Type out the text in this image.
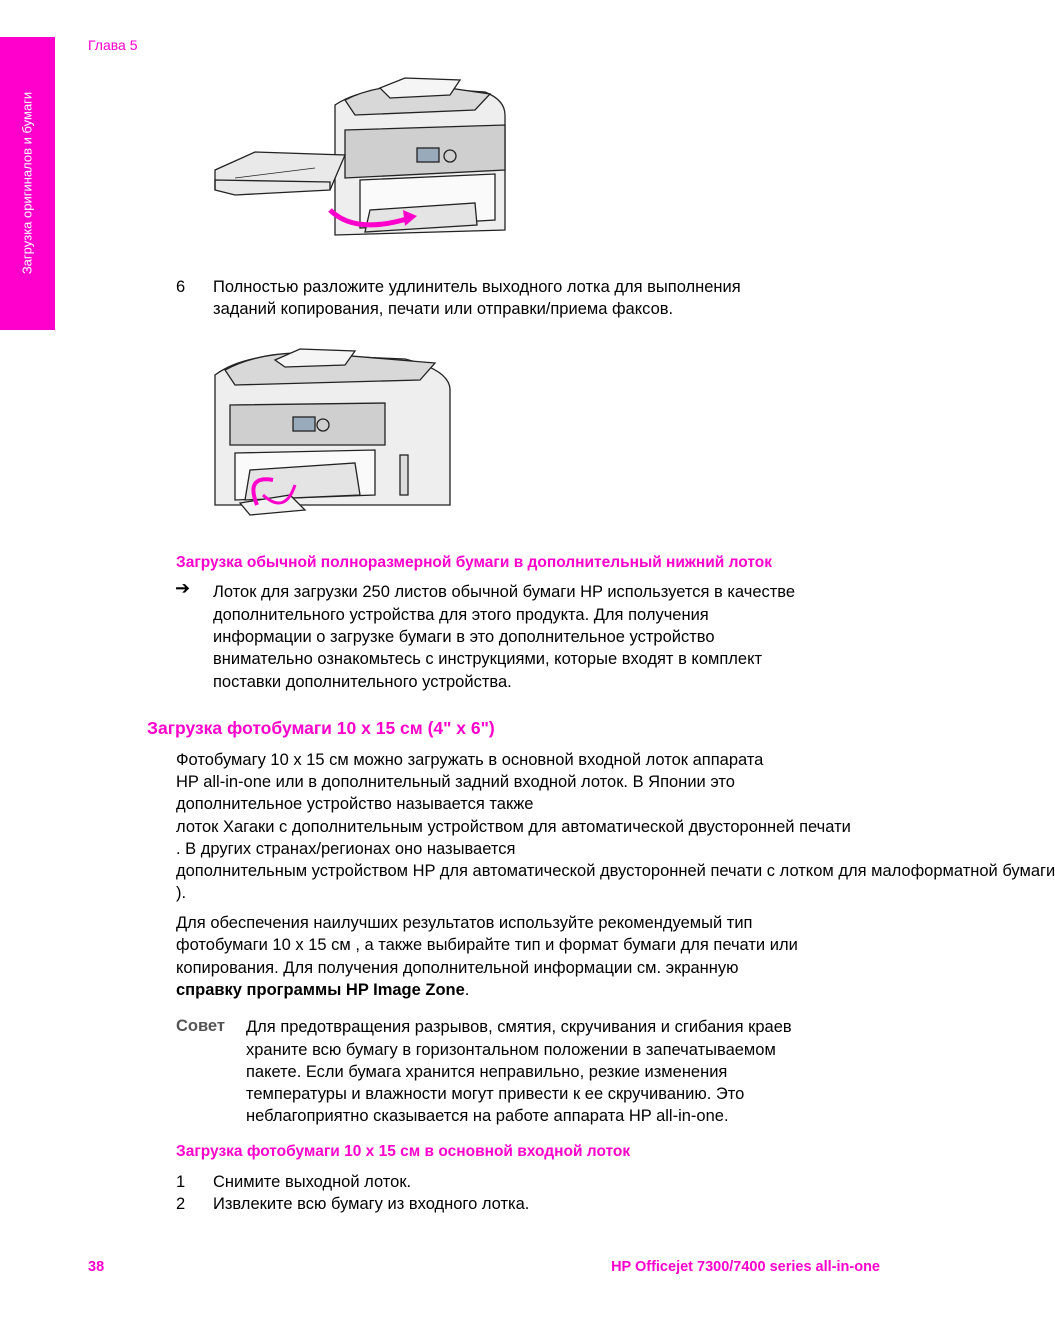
Загрузка оригиналов и бумаги
Глава 5
6 Полностью разложите удлинитель выходного лотка для выполнения
заданий копирования, печати или отправки/приема факсов.
Загрузка обычной полноразмерной бумаги в дополнительный нижний лоток
➔ Лоток для загрузки 250 листов обычной бумаги HP используется в качестве
дополнительного устройства для этого продукта. Для получения
информации о загрузке бумаги в это дополнительное устройство
внимательно ознакомьтесь с инструкциями, которые входят в комплект
поставки дополнительного устройства.
Загрузка фотобумаги 10 x 15 см (4" x 6")
Фотобумагу 10 x 15 см можно загружать в основной входной лоток аппарата
HP all-in-one или в дополнительный задний входной лоток. В Японии это
дополнительное устройство называется также
лоток Хагаки с дополнительным устройством для автоматической двусторонней печати
. В других странах/регионах оно называется
дополнительным устройством HP для автоматической двусторонней печати с лотком для малоформатной бумаги
).
Для обеспечения наилучших результатов используйте рекомендуемый тип
фотобумаги 10 x 15 см , а также выбирайте тип и формат бумаги для печати или
копирования. Для получения дополнительной информации см. экранную
справку программы HP Image Zone.
Совет Для предотвращения разрывов, смятия, скручивания и сгибания краев
храните всю бумагу в горизонтальном положении в запечатываемом
пакете. Если бумага хранится неправильно, резкие изменения
температуры и влажности могут привести к ее скручиванию. Это
неблагоприятно сказывается на работе аппарата HP all-in-one.
Загрузка фотобумаги 10 x 15 см в основной входной лоток
1 Снимите выходной лоток.
2 Извлеките всю бумагу из входного лотка.
38	HP Officejet 7300/7400 series all-in-one
